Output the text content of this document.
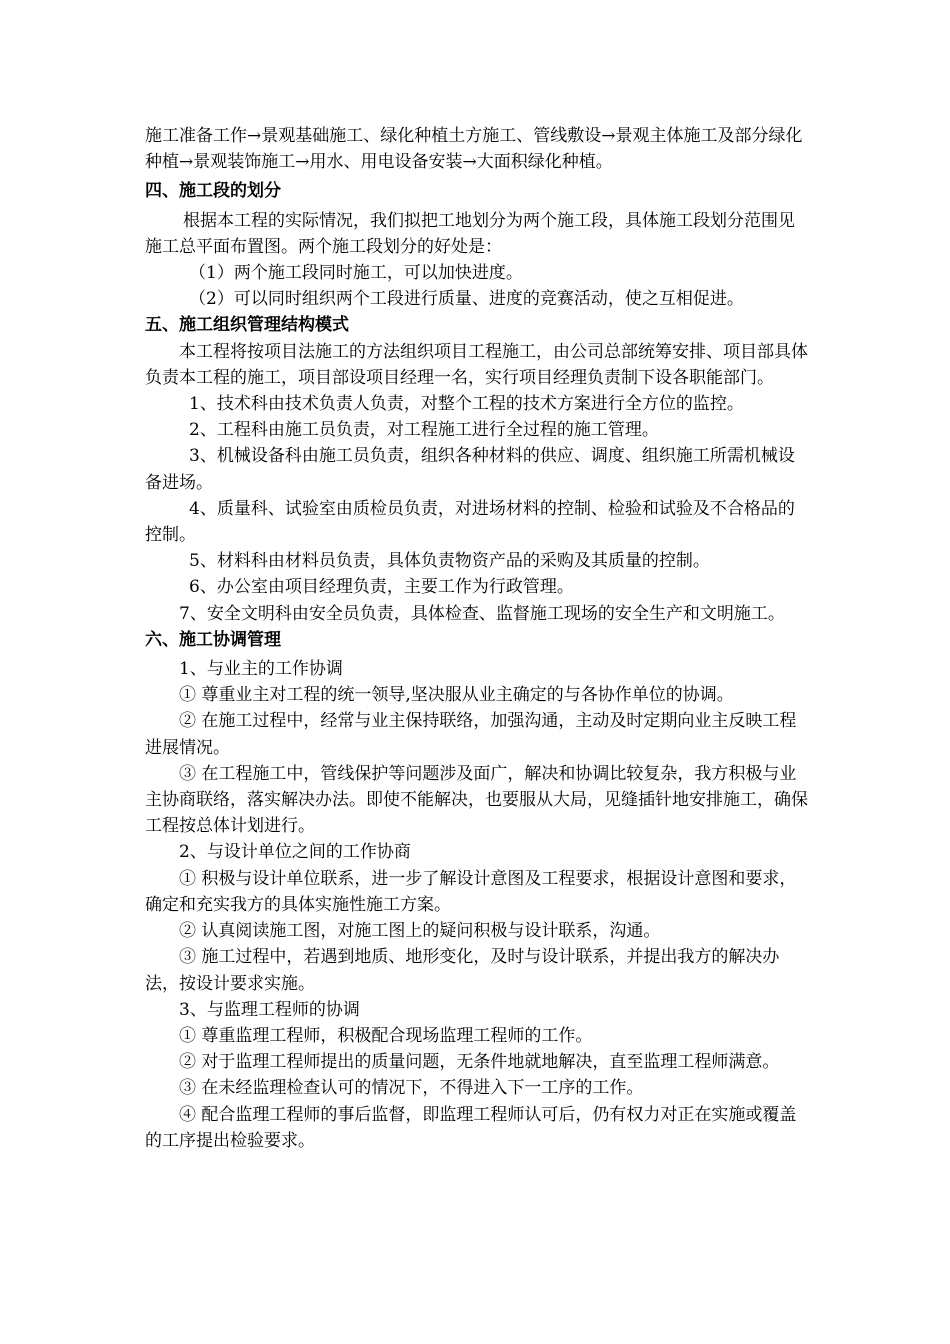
施工准备工作→景观基础施工、绿化种植土方施工、管线敷设→景观主体施工及部分绿化种植→景观装饰施工→用水、用电设备安装→大面积绿化种植。

四、施工段的划分

根据本工程的实际情况，我们拟把工地划分为两个施工段，具体施工段划分范围见施工总平面布置图。两个施工段划分的好处是：

（1）两个施工段同时施工，可以加快进度。

（2）可以同时组织两个工段进行质量、进度的竞赛活动，使之互相促进。

五、施工组织管理结构模式

本工程将按项目法施工的方法组织项目工程施工，由公司总部统筹安排、项目部具体负责本工程的施工，项目部设项目经理一名，实行项目经理负责制下设各职能部门。

1、技术科由技术负责人负责，对整个工程的技术方案进行全方位的监控。

2、工程科由施工员负责，对工程施工进行全过程的施工管理。

3、机械设备科由施工员负责，组织各种材料的供应、调度、组织施工所需机械设备进场。

4、质量科、试验室由质检员负责，对进场材料的控制、检验和试验及不合格品的控制。

5、材料科由材料员负责，具体负责物资产品的采购及其质量的控制。

6、办公室由项目经理负责，主要工作为行政管理。

7、安全文明科由安全员负责，具体检查、监督施工现场的安全生产和文明施工。

六、施工协调管理

1、与业主的工作协调

① 尊重业主对工程的统一领导,坚决服从业主确定的与各协作单位的协调。

② 在施工过程中，经常与业主保持联络，加强沟通，主动及时定期向业主反映工程进展情况。

③ 在工程施工中，管线保护等问题涉及面广，解决和协调比较复杂，我方积极与业主协商联络，落实解决办法。即使不能解决，也要服从大局，见缝插针地安排施工，确保工程按总体计划进行。

2、与设计单位之间的工作协商

① 积极与设计单位联系，进一步了解设计意图及工程要求，根据设计意图和要求，确定和充实我方的具体实施性施工方案。

② 认真阅读施工图，对施工图上的疑问积极与设计联系，沟通。

③ 施工过程中，若遇到地质、地形变化，及时与设计联系，并提出我方的解决办法，按设计要求实施。

3、与监理工程师的协调

① 尊重监理工程师，积极配合现场监理工程师的工作。

② 对于监理工程师提出的质量问题，无条件地就地解决，直至监理工程师满意。

③ 在未经监理检查认可的情况下，不得进入下一工序的工作。

④ 配合监理工程师的事后监督，即监理工程师认可后，仍有权力对正在实施或覆盖的工序提出检验要求。
